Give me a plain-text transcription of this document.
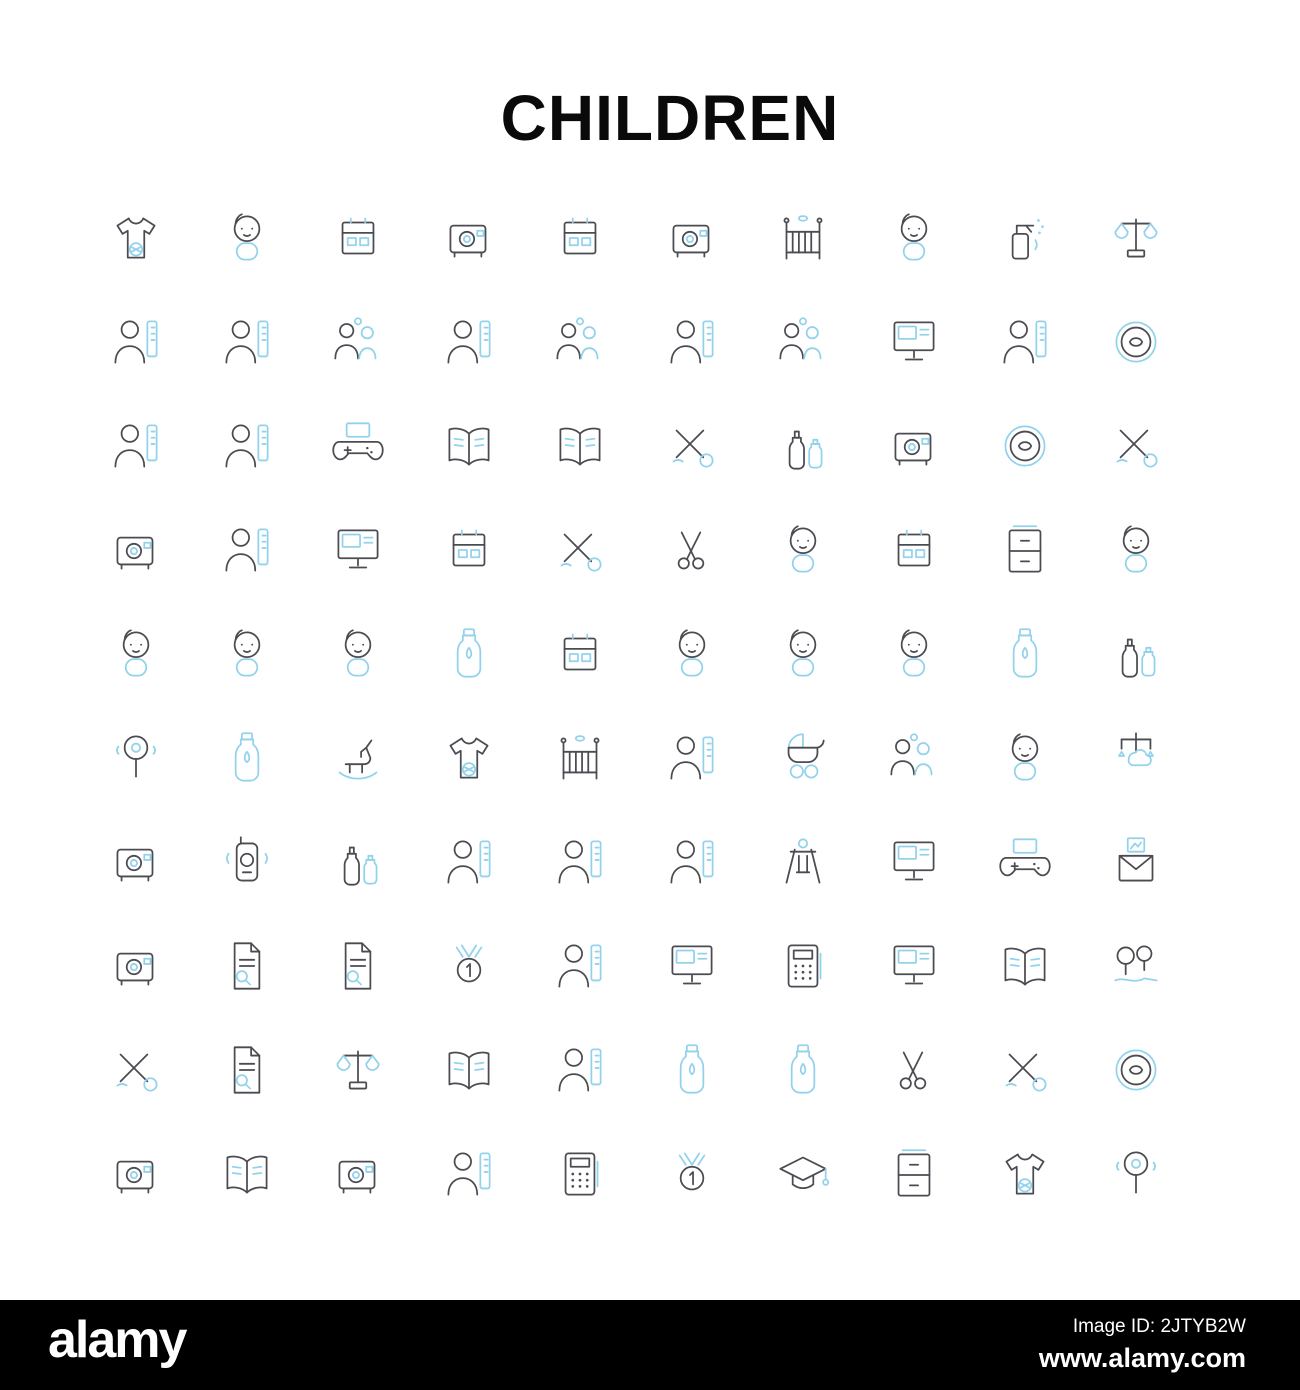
CHILDREN
alamy	Image ID: 2JTYB2W
www.alamy.com
